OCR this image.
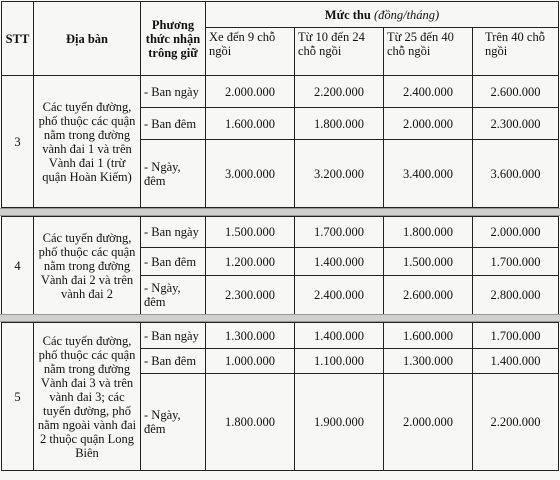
STT	Địa bàn	Phương thức nhận trông giữ	Mức thu (đồng/tháng)			
			Xe đến 9 chỗ ngồi	Từ 10 đến 24 chỗ ngồi	Từ 25 đến 40 chỗ ngồi	Trên 40 chỗ ngồi
3	Các tuyến đường, phố thuộc các quận nằm trong đường vành đai 1 và trên Vành đai 1 (trừ quận Hoàn Kiếm)	- Ban ngày	2.000.000	2.200.000	2.400.000	2.600.000
		- Ban đêm	1.600.000	1.800.000	2.000.000	2.300.000
		- Ngày, đêm	3.000.000	3.200.000	3.400.000	3.600.000
4	Các tuyến đường, phố thuộc các quận nằm trong đường Vành đai 2 và trên vành đai 2	- Ban ngày	1.500.000	1.700.000	1.800.000	2.000.000
		- Ban đêm	1.200.000	1.400.000	1.500.000	1.700.000
		- Ngày, đêm	2.300.000	2.400.000	2.600.000	2.800.000
5	Các tuyến đường, phố thuộc các quận nằm trong đường Vành đai 3 và trên vành đai 3; các tuyến đường, phố nằm ngoài vành đai 2 thuộc quận Long Biên	- Ban ngày	1.300.000	1.400.000	1.600.000	1.700.000
		- Ban đêm	1.000.000	1.100.000	1.300.000	1.400.000
		- Ngày, đêm	1.800.000	1.900.000	2.000.000	2.200.000
